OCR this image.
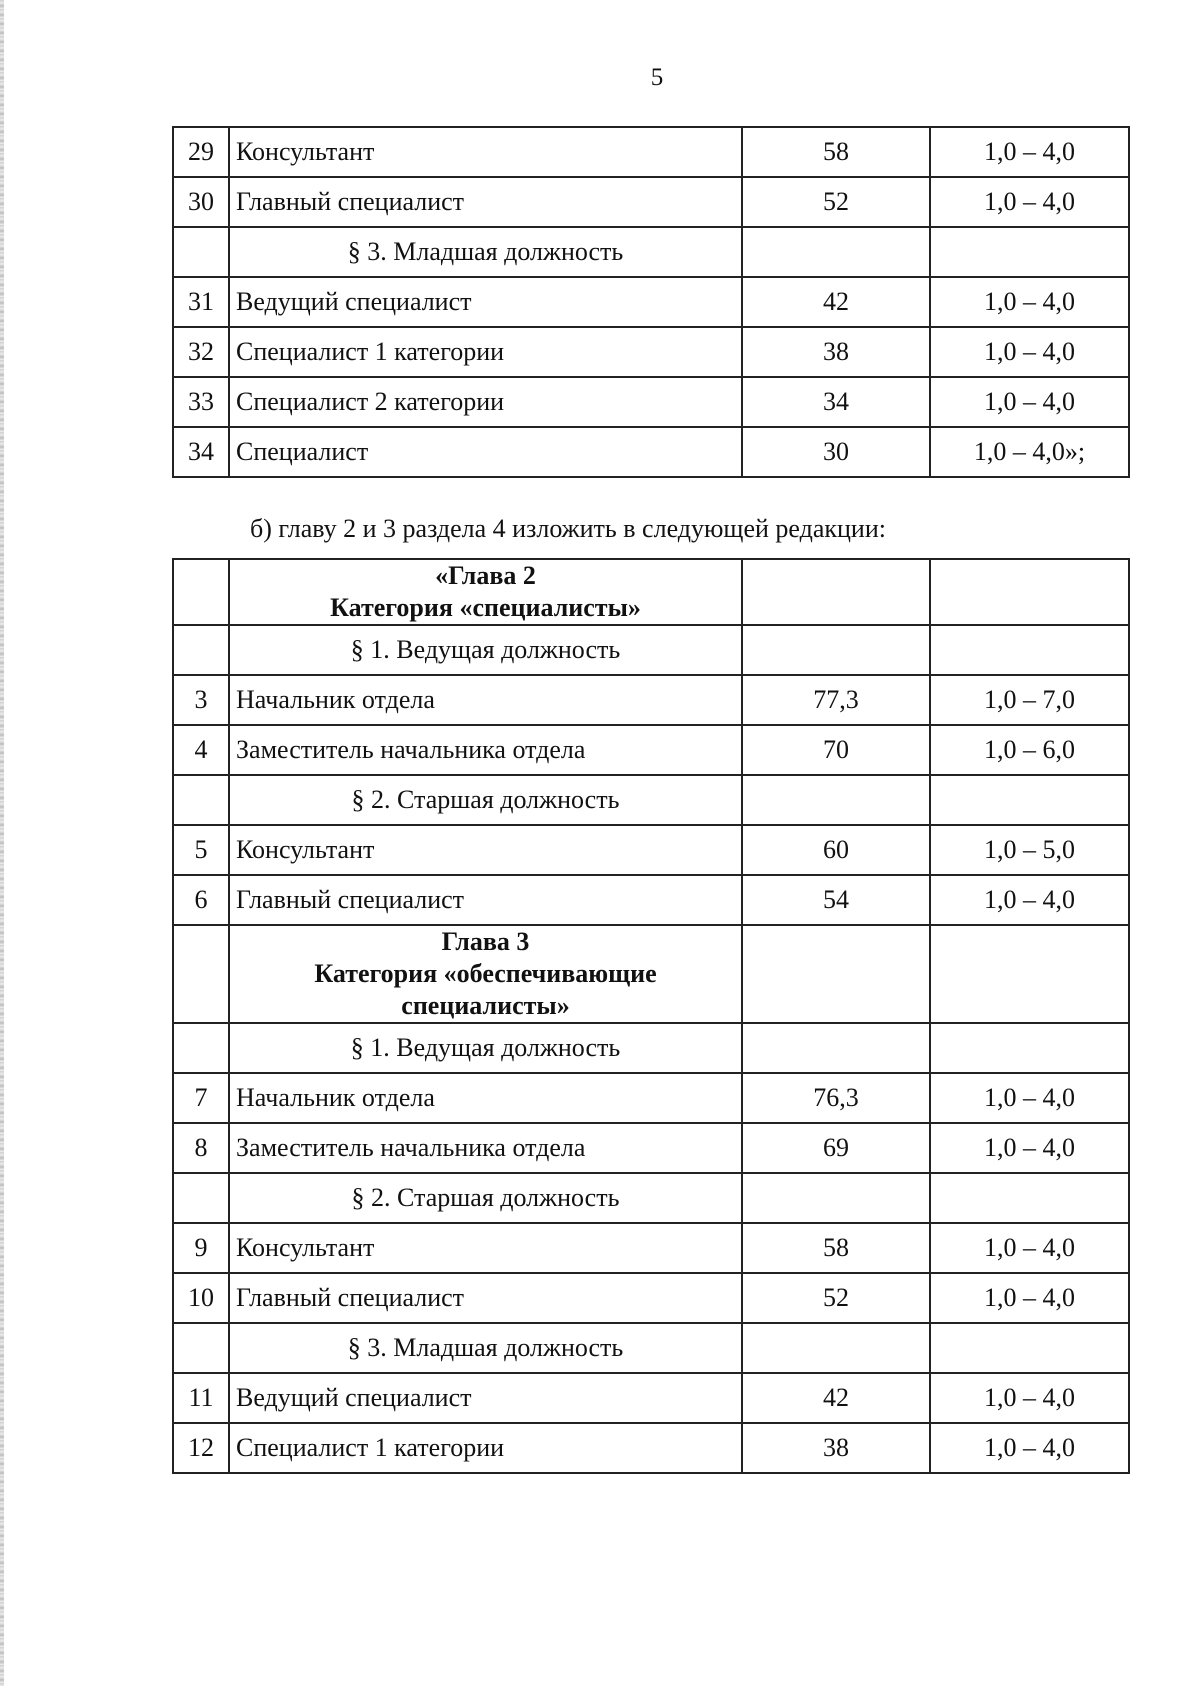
5
29	Консультант	58	1,0 – 4,0
30	Главный специалист	52	1,0 – 4,0
	§ 3. Младшая должность		
31	Ведущий специалист	42	1,0 – 4,0
32	Специалист 1 категории	38	1,0 – 4,0
33	Специалист 2 категории	34	1,0 – 4,0
34	Специалист	30	1,0 – 4,0»;
б) главу 2 и 3 раздела 4 изложить в следующей редакции:

	«Глава 2
Категория «специалисты»		

	§ 1. Ведущая должность		
3	Начальник отдела	77,3	1,0 – 7,0
4	Заместитель начальника отдела	70	1,0 – 6,0
	§ 2. Старшая должность		
5	Консультант	60	1,0 – 5,0
6	Главный специалист	54	1,0 – 4,0

	Глава 3
Категория «обеспечивающие
специалисты»		

	§ 1. Ведущая должность		
7	Начальник отдела	76,3	1,0 – 4,0
8	Заместитель начальника отдела	69	1,0 – 4,0
	§ 2. Старшая должность		
9	Консультант	58	1,0 – 4,0
10	Главный специалист	52	1,0 – 4,0
	§ 3. Младшая должность		
11	Ведущий специалист	42	1,0 – 4,0
12	Специалист 1 категории	38	1,0 – 4,0
